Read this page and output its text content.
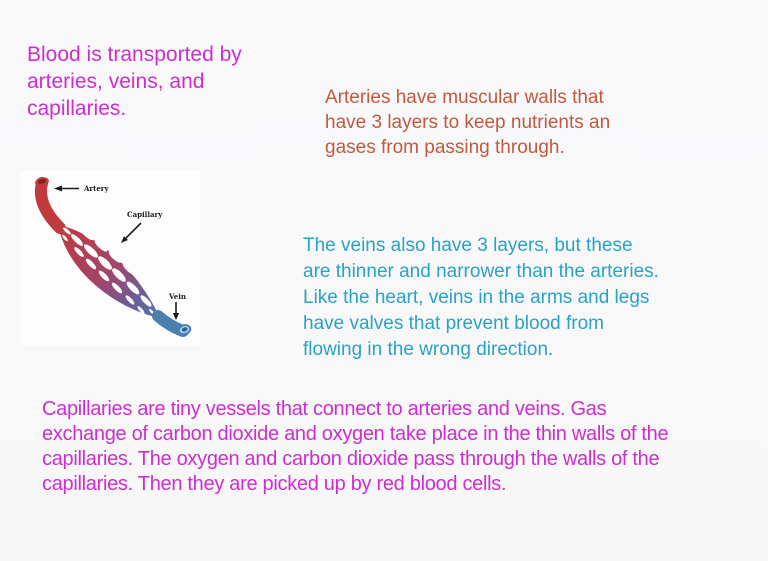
Blood is transported by
arteries, veins, and
capillaries.	Arteries have muscular walls that
have 3 layers to keep nutrients an
gases from passing through.
The veins also have 3 layers, but these
are thinner and narrower than the arteries.
Like the heart, veins in the arms and legs
have valves that prevent blood from
flowing in the wrong direction.
Capillaries are tiny vessels that connect to arteries and veins. Gas
exchange of carbon dioxide and oxygen take place in the thin walls of the
capillaries. The oxygen and carbon dioxide pass through the walls of the
capillaries. Then they are picked up by red blood cells.
Artery
Capillary
Vein
